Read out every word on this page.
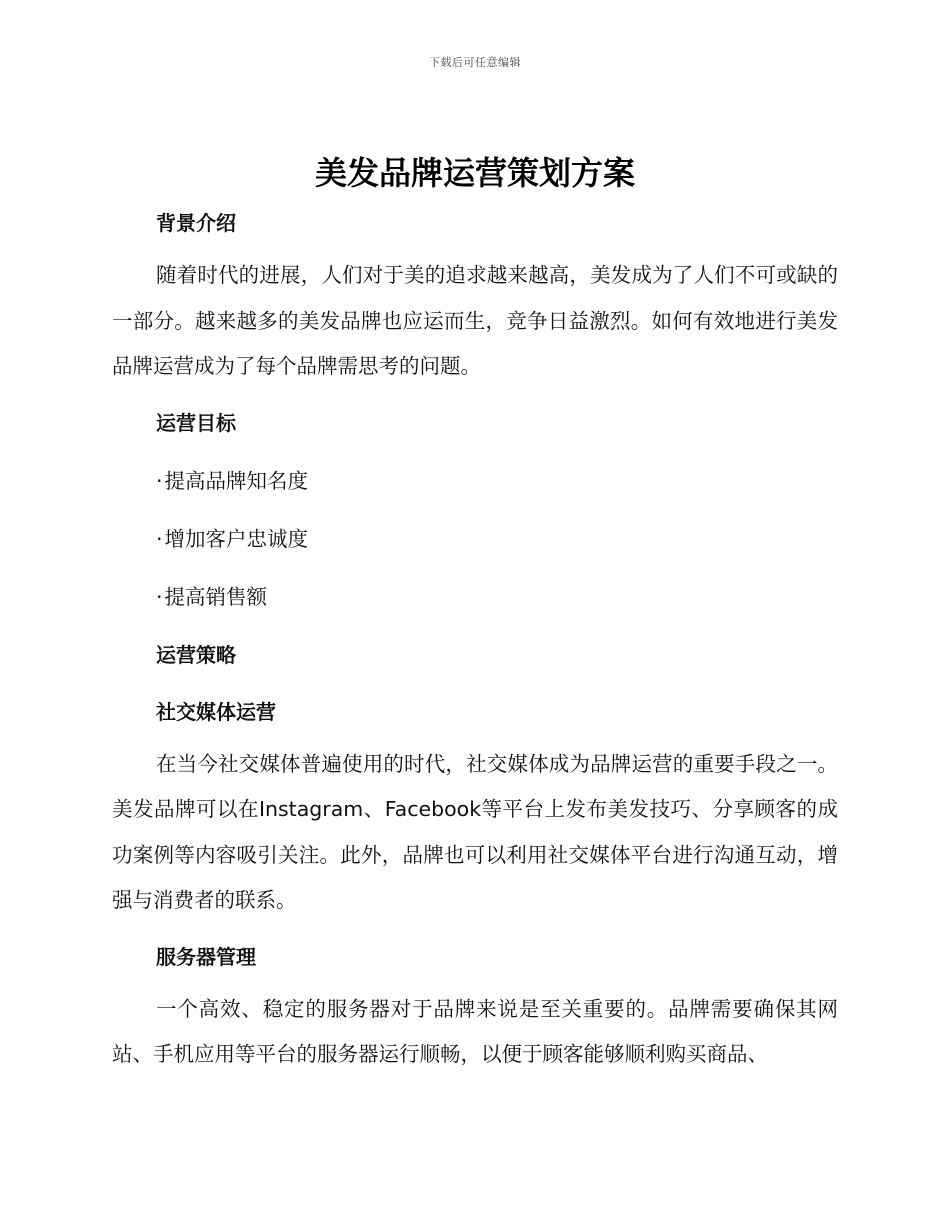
下载后可任意编辑
美发品牌运营策划方案
背景介绍

随着时代的进展，人们对于美的追求越来越高，美发成为了人们不可或缺的一部分。越来越多的美发品牌也应运而生，竞争日益激烈。如何有效地进行美发品牌运营成为了每个品牌需思考的问题。

运营目标
·提高品牌知名度
·增加客户忠诚度
·提高销售额
运营策略
社交媒体运营

在当今社交媒体普遍使用的时代，社交媒体成为品牌运营的重要手段之一。美发品牌可以在Instagram、Facebook等平台上发布美发技巧、分享顾客的成功案例等内容吸引关注。此外，品牌也可以利用社交媒体平台进行沟通互动，增强与消费者的联系。

服务器管理

一个高效、稳定的服务器对于品牌来说是至关重要的。品牌需要确保其网站、手机应用等平台的服务器运行顺畅，以便于顾客能够顺利购买商品、
